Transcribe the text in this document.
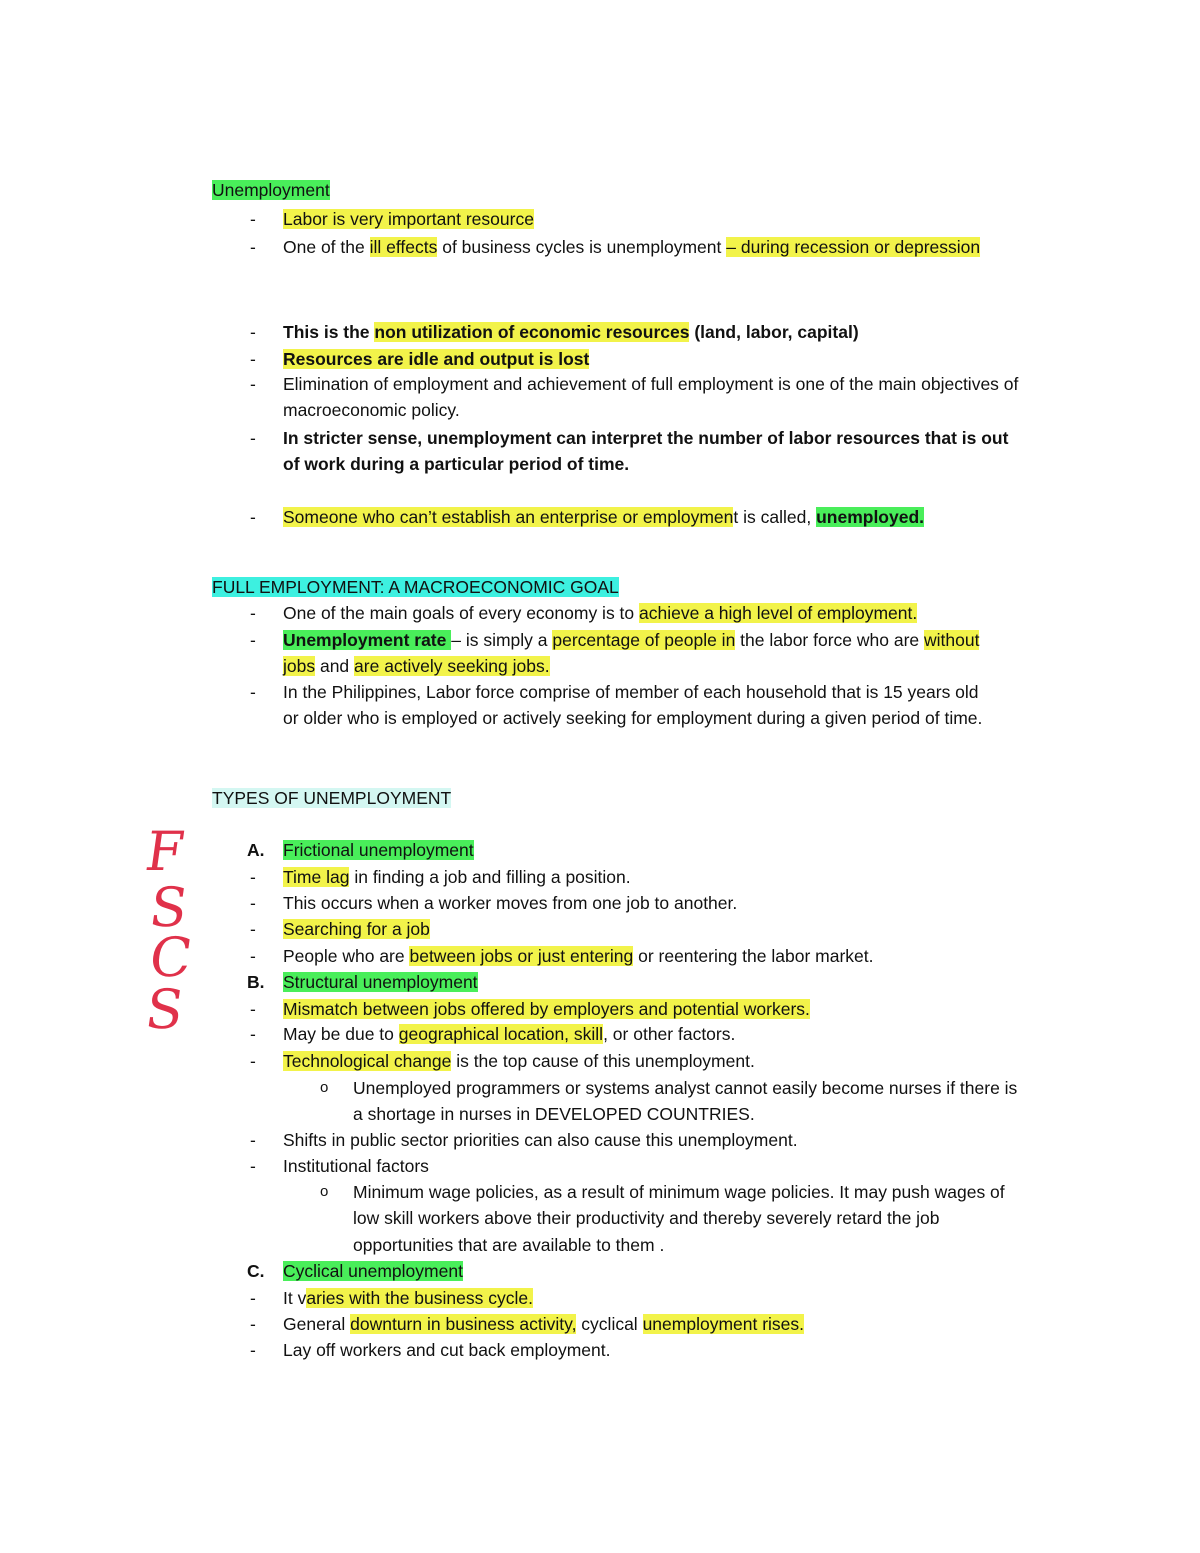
Unemployment
- Labor is very important resource
- One of the ill effects of business cycles is unemployment – during recession or depression
- This is the non utilization of economic resources (land, labor, capital)
- Resources are idle and output is lost
- Elimination of employment and achievement of full employment is one of the main objectives of macroeconomic policy.
- In stricter sense, unemployment can interpret the number of labor resources that is out of work during a particular period of time.
- Someone who can’t establish an enterprise or employment is called, unemployed.
FULL EMPLOYMENT: A MACROECONOMIC GOAL
- One of the main goals of every economy is to achieve a high level of employment.
- Unemployment rate – is simply a percentage of people in the labor force who are without jobs and are actively seeking jobs.
- In the Philippines, Labor force comprise of member of each household that is 15 years old or older who is employed or actively seeking for employment during a given period of time.
TYPES OF UNEMPLOYMENT
A. Frictional unemployment
- Time lag in finding a job and filling a position.
- This occurs when a worker moves from one job to another.
- Searching for a job
- People who are between jobs or just entering or reentering the labor market.
B. Structural unemployment
- Mismatch between jobs offered by employers and potential workers.
- May be due to geographical location, skill, or other factors.
- Technological change is the top cause of this unemployment.
o Unemployed programmers or systems analyst cannot easily become nurses if there is a shortage in nurses in DEVELOPED COUNTRIES.
- Shifts in public sector priorities can also cause this unemployment.
- Institutional factors
o Minimum wage policies, as a result of minimum wage policies. It may push wages of low skill workers above their productivity and thereby severely retard the job opportunities that are available to them .
C. Cyclical unemployment
- It varies with the business cycle.
- General downturn in business activity, cyclical unemployment rises.
- Lay off workers and cut back employment.
F
S
C
S
